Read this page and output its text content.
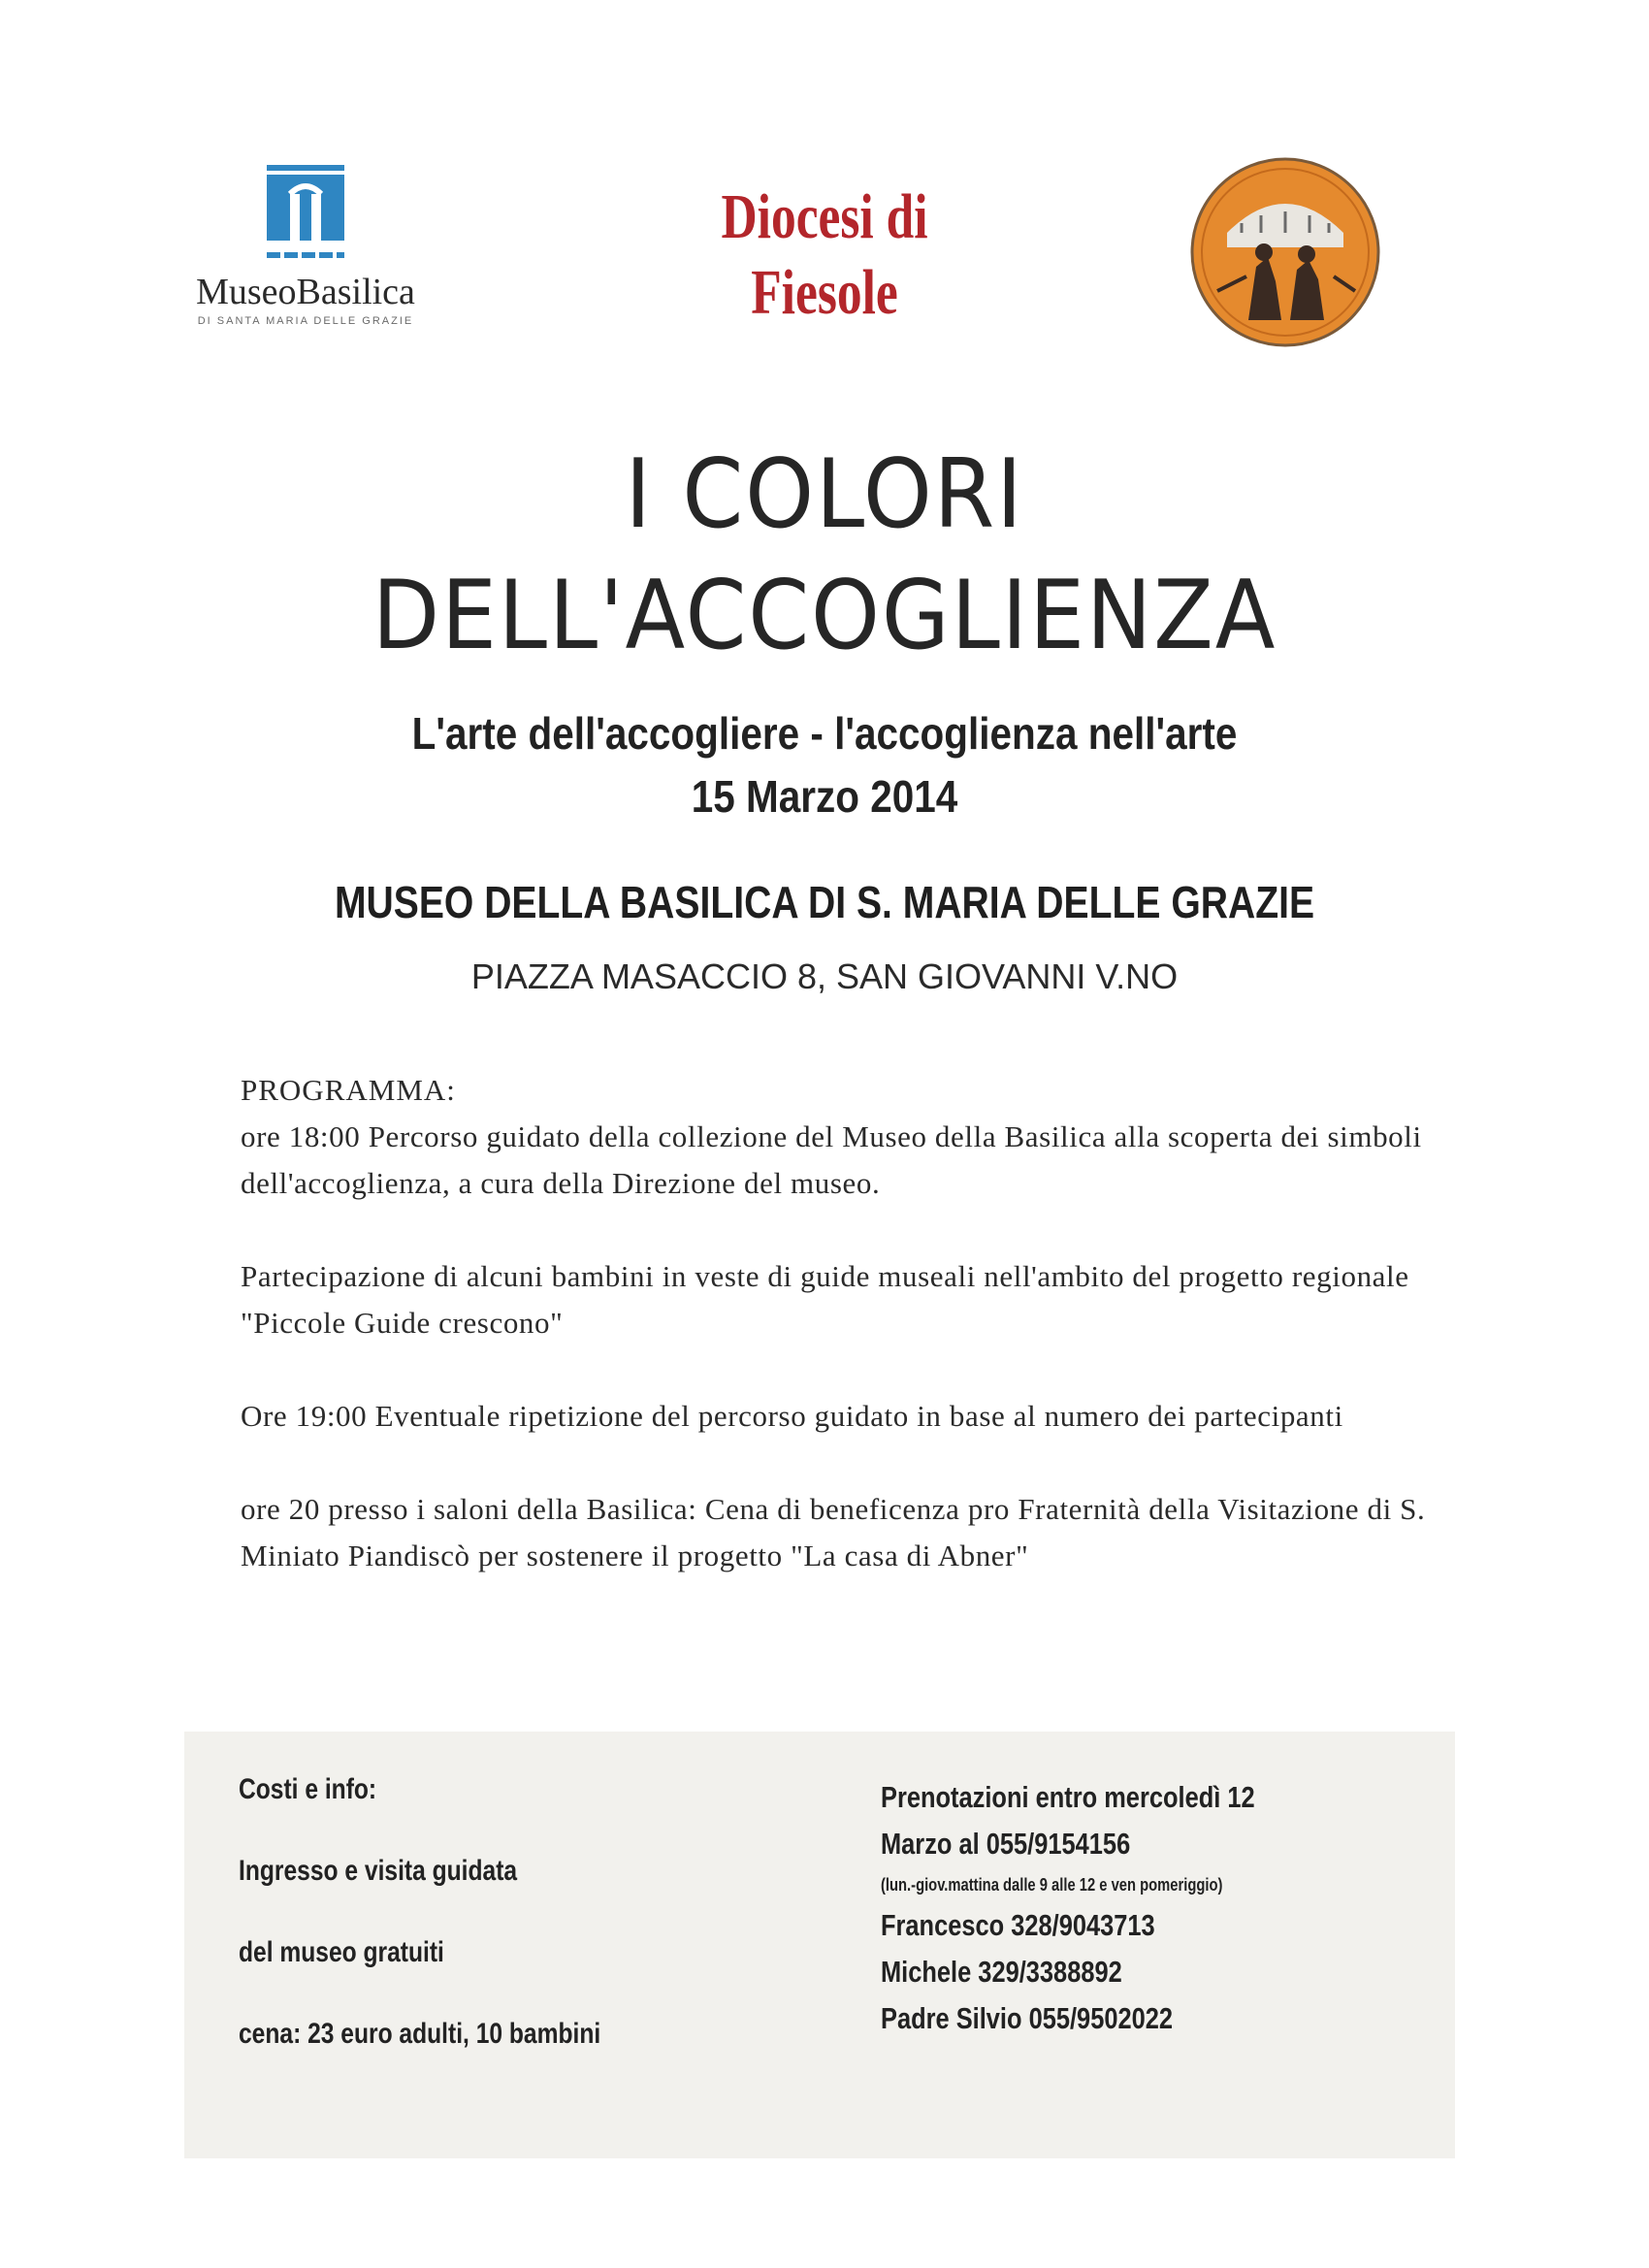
MuseoBasilica
DI SANTA MARIA DELLE GRAZIE
Diocesi di
Fiesole
I COLORI
DELL'ACCOGLIENZA
L'arte dell'accogliere - l'accoglienza nell'arte
15 Marzo 2014
MUSEO DELLA BASILICA DI S. MARIA DELLE GRAZIE
PIAZZA MASACCIO 8, SAN GIOVANNI V.NO

PROGRAMMA:

ore 18:00 Percorso guidato della collezione del Museo della Basilica alla scoperta dei simboli dell'accoglienza, a cura della Direzione del museo.

Partecipazione di alcuni bambini in veste di guide museali nell'ambito del progetto regionale "Piccole Guide crescono"

Ore 19:00 Eventuale ripetizione del percorso guidato in base al numero dei partecipanti

ore 20 presso i saloni della Basilica: Cena di beneficenza pro Fraternità della Visitazione di S. Miniato Piandiscò per sostenere il progetto "La casa di Abner"

Costi e info:
Ingresso e visita guidata
del museo gratuiti
cena: 23 euro adulti, 10 bambini
Prenotazioni entro mercoledì 12
Marzo al 055/9154156
(lun.-giov.mattina dalle 9 alle 12 e ven pomeriggio)
Francesco 328/9043713
Michele 329/3388892
Padre Silvio 055/9502022
